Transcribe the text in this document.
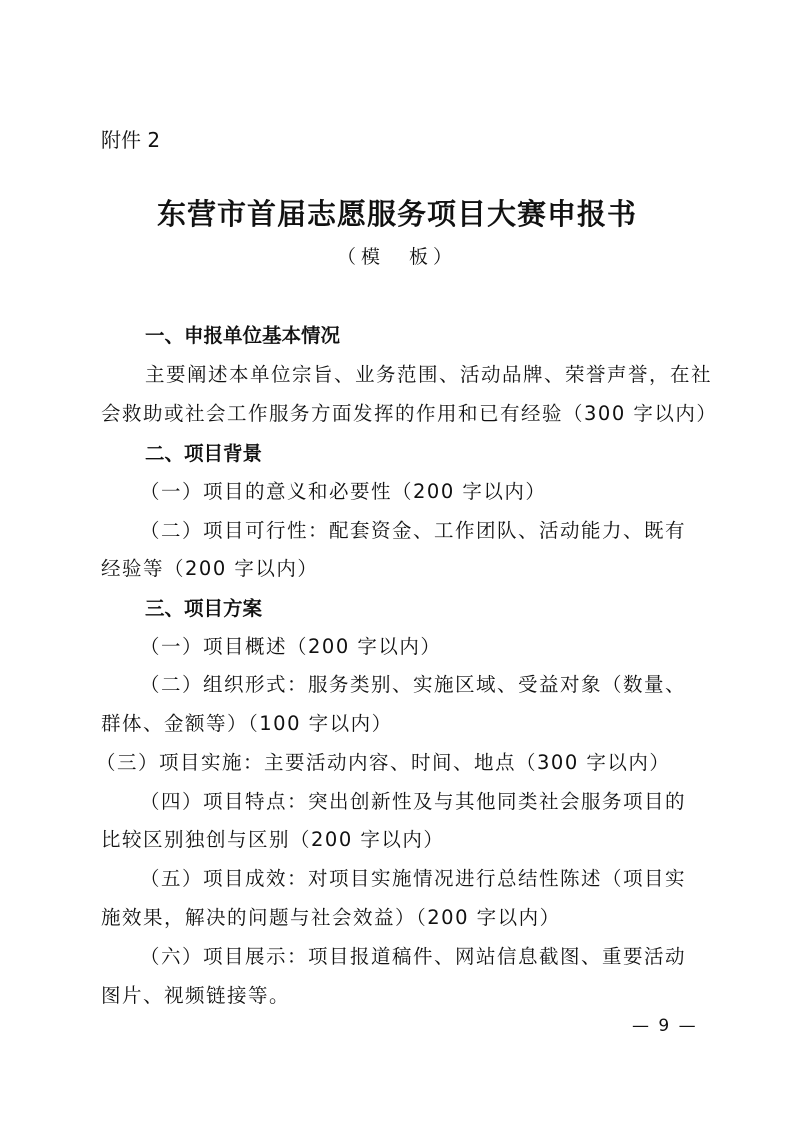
附件 2
东营市首届志愿服务项目大赛申报书
（模　板）
一、申报单位基本情况
主要阐述本单位宗旨、业务范围、活动品牌、荣誉声誉，在社
会救助或社会工作服务方面发挥的作用和已有经验（300 字以内）
二、项目背景
（一）项目的意义和必要性（200 字以内）
（二）项目可行性：配套资金、工作团队、活动能力、既有
经验等（200 字以内）
三、项目方案
（一）项目概述（200 字以内）
（二）组织形式：服务类别、实施区域、受益对象（数量、
群体、金额等）（100 字以内）
（三）项目实施：主要活动内容、时间、地点（300 字以内）
（四）项目特点：突出创新性及与其他同类社会服务项目的
比较区别独创与区别（200 字以内）
（五）项目成效：对项目实施情况进行总结性陈述（项目实
施效果，解决的问题与社会效益）（200 字以内）
（六）项目展示：项目报道稿件、网站信息截图、重要活动
图片、视频链接等。
— 9 —
